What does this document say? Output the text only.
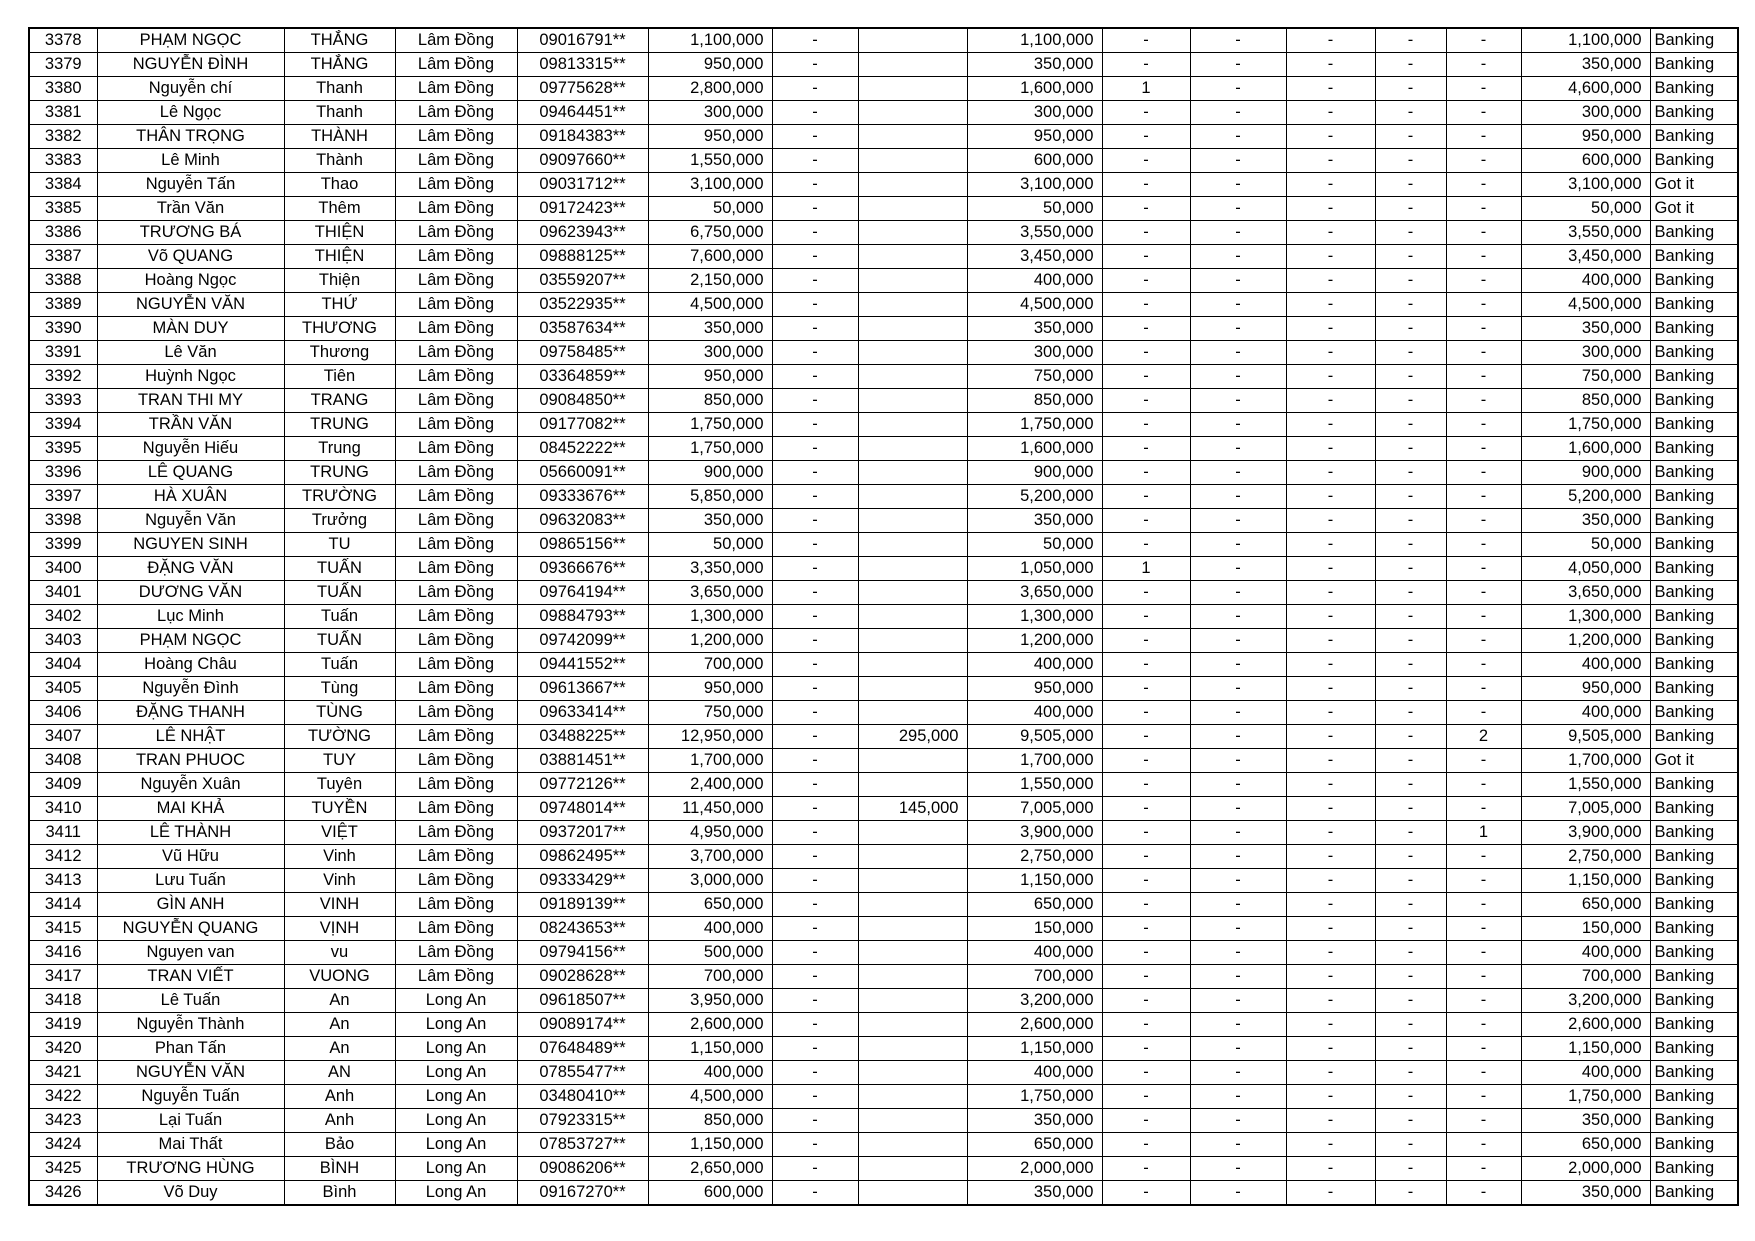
3378	PHẠM NGỌC	THẮNG	Lâm Đồng	09016791**	1,100,000	-		1,100,000	-	-	-	-	-	1,100,000	Banking
3379	NGUYỄN ĐÌNH	THẮNG	Lâm Đồng	09813315**	950,000	-		350,000	-	-	-	-	-	350,000	Banking
3380	Nguyễn chí	Thanh	Lâm Đồng	09775628**	2,800,000	-		1,600,000	1	-	-	-	-	4,600,000	Banking
3381	Lê Ngọc	Thanh	Lâm Đồng	09464451**	300,000	-		300,000	-	-	-	-	-	300,000	Banking
3382	THÂN TRỌNG	THÀNH	Lâm Đồng	09184383**	950,000	-		950,000	-	-	-	-	-	950,000	Banking
3383	Lê Minh	Thành	Lâm Đồng	09097660**	1,550,000	-		600,000	-	-	-	-	-	600,000	Banking
3384	Nguyễn Tấn	Thao	Lâm Đồng	09031712**	3,100,000	-		3,100,000	-	-	-	-	-	3,100,000	Got it
3385	Trần Văn	Thêm	Lâm Đồng	09172423**	50,000	-		50,000	-	-	-	-	-	50,000	Got it
3386	TRƯƠNG BÁ	THIỆN	Lâm Đồng	09623943**	6,750,000	-		3,550,000	-	-	-	-	-	3,550,000	Banking
3387	Võ QUANG	THIỆN	Lâm Đồng	09888125**	7,600,000	-		3,450,000	-	-	-	-	-	3,450,000	Banking
3388	Hoàng Ngọc	Thiện	Lâm Đồng	03559207**	2,150,000	-		400,000	-	-	-	-	-	400,000	Banking
3389	NGUYỄN VĂN	THỨ	Lâm Đồng	03522935**	4,500,000	-		4,500,000	-	-	-	-	-	4,500,000	Banking
3390	MÀN DUY	THƯƠNG	Lâm Đồng	03587634**	350,000	-		350,000	-	-	-	-	-	350,000	Banking
3391	Lê Văn	Thương	Lâm Đồng	09758485**	300,000	-		300,000	-	-	-	-	-	300,000	Banking
3392	Huỳnh Ngọc	Tiên	Lâm Đồng	03364859**	950,000	-		750,000	-	-	-	-	-	750,000	Banking
3393	TRAN THI MY	TRANG	Lâm Đồng	09084850**	850,000	-		850,000	-	-	-	-	-	850,000	Banking
3394	TRẦN VĂN	TRUNG	Lâm Đồng	09177082**	1,750,000	-		1,750,000	-	-	-	-	-	1,750,000	Banking
3395	Nguyễn Hiếu	Trung	Lâm Đồng	08452222**	1,750,000	-		1,600,000	-	-	-	-	-	1,600,000	Banking
3396	LÊ QUANG	TRUNG	Lâm Đồng	05660091**	900,000	-		900,000	-	-	-	-	-	900,000	Banking
3397	HÀ XUÂN	TRƯỜNG	Lâm Đồng	09333676**	5,850,000	-		5,200,000	-	-	-	-	-	5,200,000	Banking
3398	Nguyễn Văn	Trưởng	Lâm Đồng	09632083**	350,000	-		350,000	-	-	-	-	-	350,000	Banking
3399	NGUYEN SINH	TU	Lâm Đồng	09865156**	50,000	-		50,000	-	-	-	-	-	50,000	Banking
3400	ĐẶNG VĂN	TUẤN	Lâm Đồng	09366676**	3,350,000	-		1,050,000	1	-	-	-	-	4,050,000	Banking
3401	DƯƠNG VĂN	TUẤN	Lâm Đồng	09764194**	3,650,000	-		3,650,000	-	-	-	-	-	3,650,000	Banking
3402	Lục Minh	Tuấn	Lâm Đồng	09884793**	1,300,000	-		1,300,000	-	-	-	-	-	1,300,000	Banking
3403	PHẠM NGỌC	TUẤN	Lâm Đồng	09742099**	1,200,000	-		1,200,000	-	-	-	-	-	1,200,000	Banking
3404	Hoàng Châu	Tuấn	Lâm Đồng	09441552**	700,000	-		400,000	-	-	-	-	-	400,000	Banking
3405	Nguyễn Đình	Tùng	Lâm Đồng	09613667**	950,000	-		950,000	-	-	-	-	-	950,000	Banking
3406	ĐẶNG THANH	TÙNG	Lâm Đồng	09633414**	750,000	-		400,000	-	-	-	-	-	400,000	Banking
3407	LÊ NHẬT	TƯỜNG	Lâm Đồng	03488225**	12,950,000	-	295,000	9,505,000	-	-	-	-	2	9,505,000	Banking
3408	TRAN PHUOC	TUY	Lâm Đồng	03881451**	1,700,000	-		1,700,000	-	-	-	-	-	1,700,000	Got it
3409	Nguyễn Xuân	Tuyên	Lâm Đồng	09772126**	2,400,000	-		1,550,000	-	-	-	-	-	1,550,000	Banking
3410	MAI KHẢ	TUYỀN	Lâm Đồng	09748014**	11,450,000	-	145,000	7,005,000	-	-	-	-	-	7,005,000	Banking
3411	LÊ THÀNH	VIỆT	Lâm Đồng	09372017**	4,950,000	-		3,900,000	-	-	-	-	1	3,900,000	Banking
3412	Vũ Hữu	Vinh	Lâm Đồng	09862495**	3,700,000	-		2,750,000	-	-	-	-	-	2,750,000	Banking
3413	Lưu Tuấn	Vinh	Lâm Đồng	09333429**	3,000,000	-		1,150,000	-	-	-	-	-	1,150,000	Banking
3414	GÌN ANH	VINH	Lâm Đồng	09189139**	650,000	-		650,000	-	-	-	-	-	650,000	Banking
3415	NGUYỄN QUANG	VỊNH	Lâm Đồng	08243653**	400,000	-		150,000	-	-	-	-	-	150,000	Banking
3416	Nguyen van	vu	Lâm Đồng	09794156**	500,000	-		400,000	-	-	-	-	-	400,000	Banking
3417	TRAN VIẾT	VUONG	Lâm Đồng	09028628**	700,000	-		700,000	-	-	-	-	-	700,000	Banking
3418	Lê Tuấn	An	Long An	09618507**	3,950,000	-		3,200,000	-	-	-	-	-	3,200,000	Banking
3419	Nguyễn Thành	An	Long An	09089174**	2,600,000	-		2,600,000	-	-	-	-	-	2,600,000	Banking
3420	Phan Tấn	An	Long An	07648489**	1,150,000	-		1,150,000	-	-	-	-	-	1,150,000	Banking
3421	NGUYỄN VĂN	AN	Long An	07855477**	400,000	-		400,000	-	-	-	-	-	400,000	Banking
3422	Nguyễn Tuấn	Anh	Long An	03480410**	4,500,000	-		1,750,000	-	-	-	-	-	1,750,000	Banking
3423	Lại Tuấn	Anh	Long An	07923315**	850,000	-		350,000	-	-	-	-	-	350,000	Banking
3424	Mai Thất	Bảo	Long An	07853727**	1,150,000	-		650,000	-	-	-	-	-	650,000	Banking
3425	TRƯƠNG HÙNG	BÌNH	Long An	09086206**	2,650,000	-		2,000,000	-	-	-	-	-	2,000,000	Banking
3426	Võ Duy	Bình	Long An	09167270**	600,000	-		350,000	-	-	-	-	-	350,000	Banking
